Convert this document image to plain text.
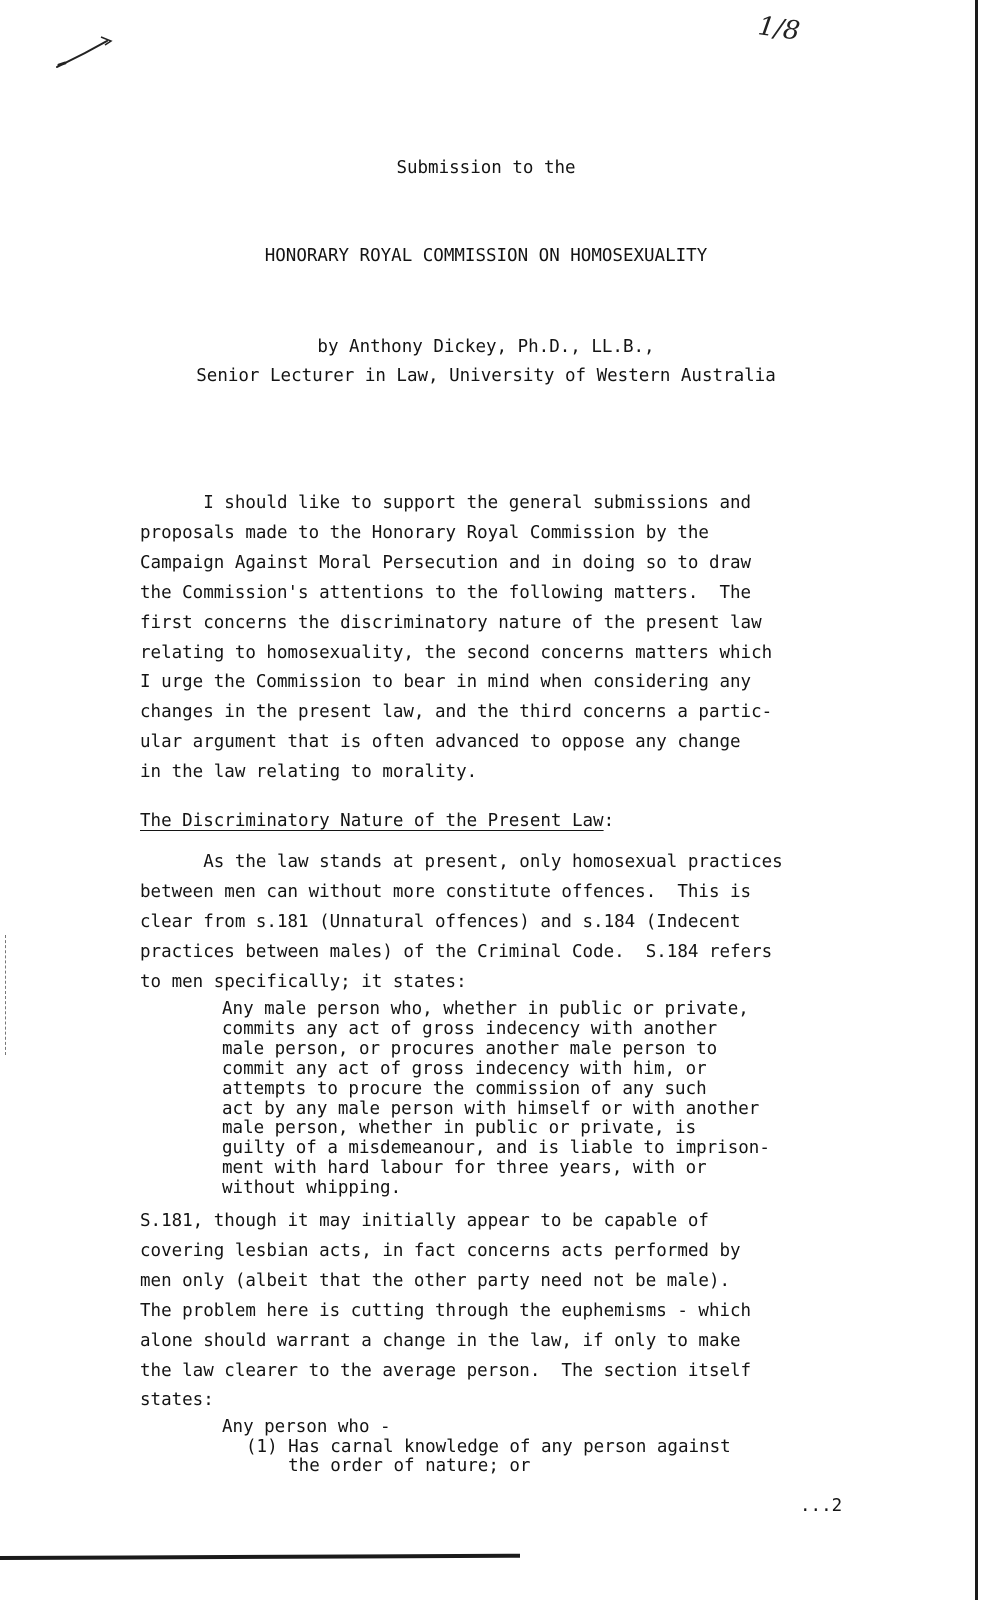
1/8
Submission to the
HONORARY ROYAL COMMISSION ON HOMOSEXUALITY
by Anthony Dickey, Ph.D., LL.B.,
Senior Lecturer in Law, University of Western Australia
I should like to support the general submissions and
proposals made to the Honorary Royal Commission by the
Campaign Against Moral Persecution and in doing so to draw
the Commission's attentions to the following matters.  The
first concerns the discriminatory nature of the present law
relating to homosexuality, the second concerns matters which
I urge the Commission to bear in mind when considering any
changes in the present law, and the third concerns a partic-
ular argument that is often advanced to oppose any change
in the law relating to morality.
The Discriminatory Nature of the Present Law:
As the law stands at present, only homosexual practices
between men can without more constitute offences.  This is
clear from s.181 (Unnatural offences) and s.184 (Indecent
practices between males) of the Criminal Code.  S.184 refers
to men specifically; it states:
Any male person who, whether in public or private,
commits any act of gross indecency with another
male person, or procures another male person to
commit any act of gross indecency with him, or
attempts to procure the commission of any such
act by any male person with himself or with another
male person, whether in public or private, is
guilty of a misdemeanour, and is liable to imprison-
ment with hard labour for three years, with or
without whipping.
S.181, though it may initially appear to be capable of
covering lesbian acts, in fact concerns acts performed by
men only (albeit that the other party need not be male).
The problem here is cutting through the euphemisms - which
alone should warrant a change in the law, if only to make
the law clearer to the average person.  The section itself
states:
Any person who -
(1) Has carnal knowledge of any person against
the order of nature; or
...2
